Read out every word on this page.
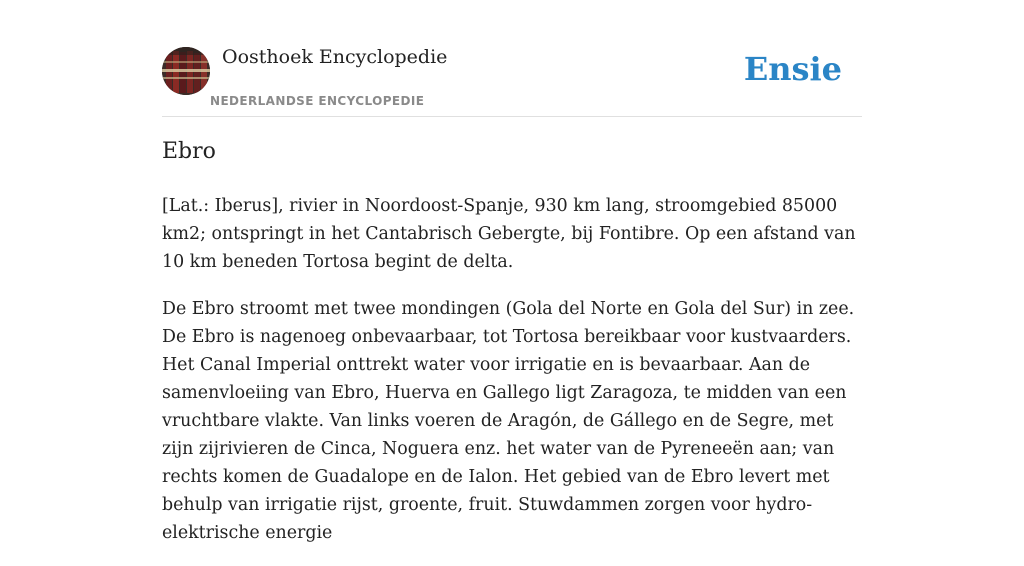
Oosthoek Encyclopedie
NEDERLANDSE ENCYCLOPEDIE
Ensie
Ebro

[Lat.: Iberus], rivier in Noordoost-Spanje, 930 km lang, stroomgebied 85000 km2; ontspringt in het Cantabrisch Gebergte, bij Fontibre. Op een afstand van 10 km beneden Tortosa begint de delta.

De Ebro stroomt met twee mondingen (Gola del Norte en Gola del Sur) in zee. De Ebro is nagenoeg onbevaarbaar, tot Tortosa bereikbaar voor kustvaarders. Het Canal Imperial onttrekt water voor irrigatie en is bevaarbaar. Aan de samenvloeiing van Ebro, Huerva en Gallego ligt Zaragoza, te midden van een vruchtbare vlakte. Van links voeren de Aragón, de Gállego en de Segre, met zijn zijrivieren de Cinca, Noguera enz. het water van de Pyreneeën aan; van rechts komen de Guadalope en de Ialon. Het gebied van de Ebro levert met behulp van irrigatie rijst, groente, fruit. Stuwdammen zorgen voor hydro-elektrische energie
